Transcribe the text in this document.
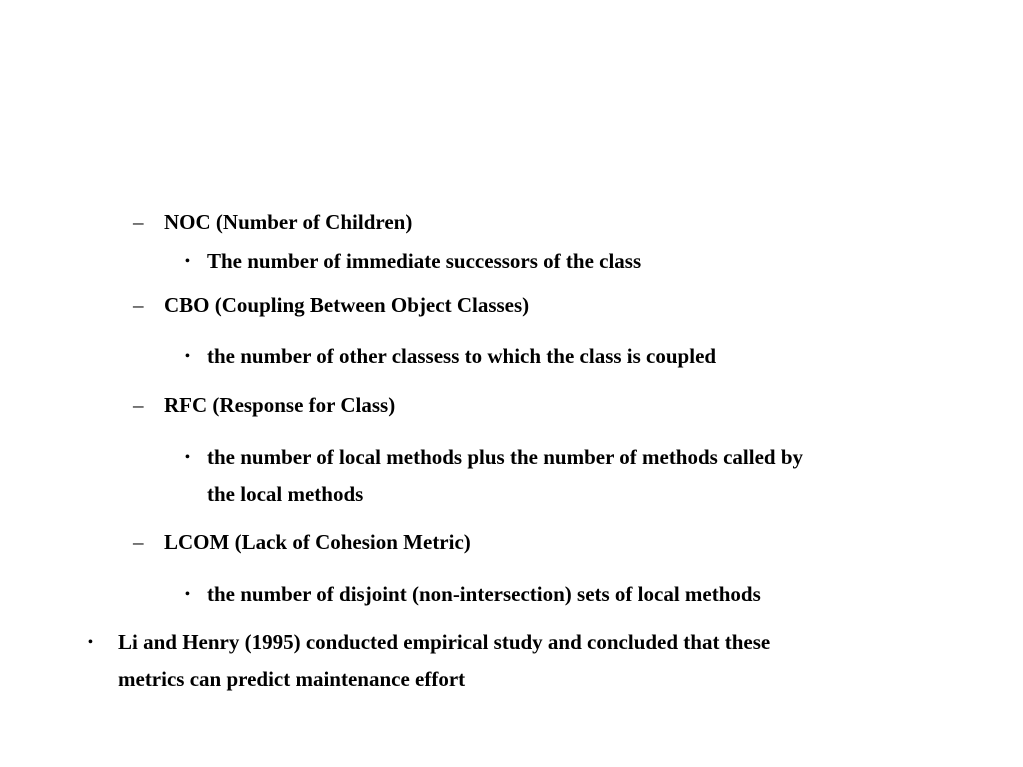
– NOC (Number of Children)
• The number of immediate successors of the class
– CBO (Coupling Between Object Classes)
• the number of other classess to which the class is coupled
– RFC (Response for Class)
• the number of local methods plus the number of methods called by
the local methods
– LCOM (Lack of Cohesion Metric)
• the number of disjoint (non-intersection) sets of local methods
• Li and Henry (1995) conducted empirical study and concluded that these
metrics can predict maintenance effort
